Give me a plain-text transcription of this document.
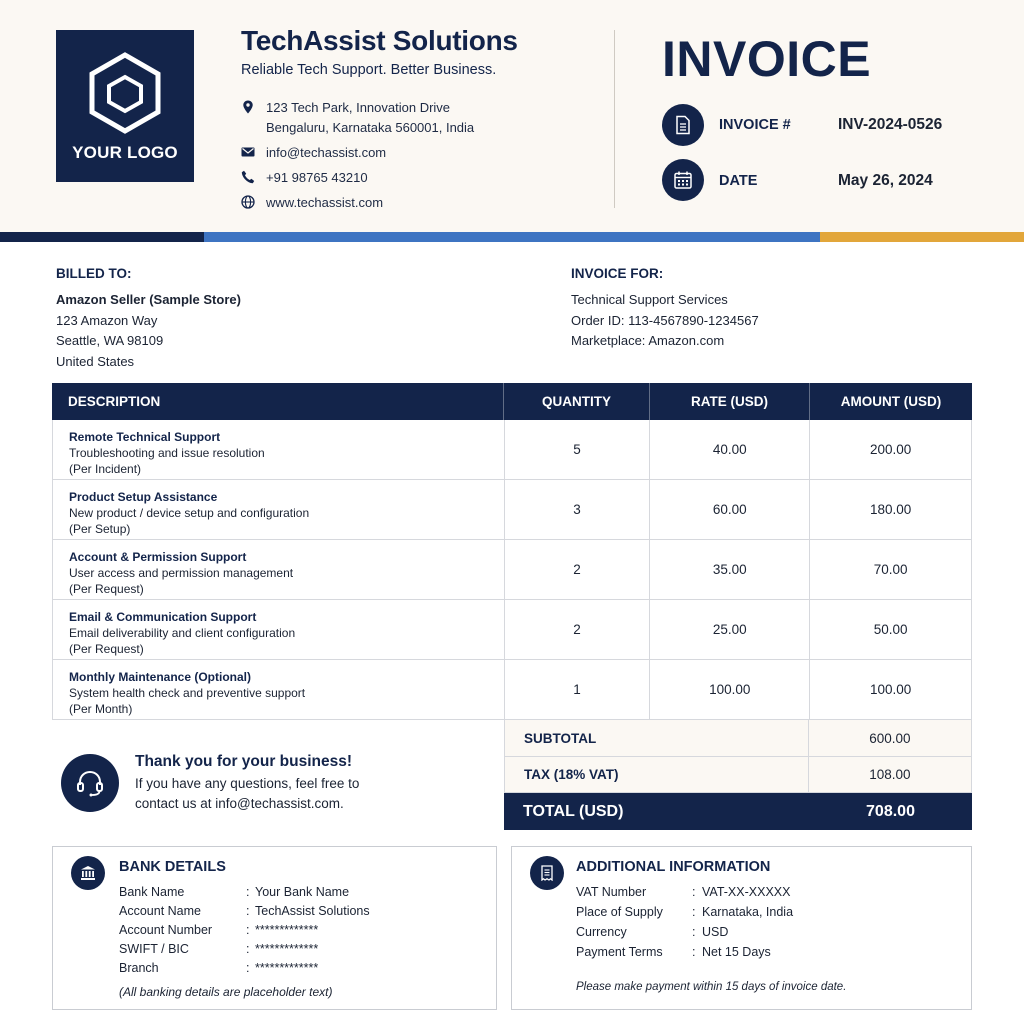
YOUR LOGO
TechAssist Solutions
Reliable Tech Support. Better Business.
123 Tech Park, Innovation Drive
Bengaluru, Karnataka 560001, India
info@techassist.com
+91 98765 43210
www.techassist.com
INVOICE
INVOICE #	INV-2024-0526
DATE	May 26, 2024
BILLED TO:
Amazon Seller (Sample Store)
123 Amazon Way
Seattle, WA 98109
United States
INVOICE FOR:
Technical Support Services
Order ID: 113-4567890-1234567
Marketplace: Amazon.com
DESCRIPTION	QUANTITY	RATE (USD)	AMOUNT (USD)
Remote Technical Support
Troubleshooting and issue resolution
(Per Incident)
5	40.00	200.00
Product Setup Assistance
New product / device setup and configuration
(Per Setup)
3	60.00	180.00
Account & Permission Support
User access and permission management
(Per Request)
2	35.00	70.00
Email & Communication Support
Email deliverability and client configuration
(Per Request)
2	25.00	50.00
Monthly Maintenance (Optional)
System health check and preventive support
(Per Month)
1	100.00	100.00
SUBTOTAL	600.00
TAX (18% VAT)	108.00
TOTAL (USD)	708.00
Thank you for your business!
If you have any questions, feel free to contact us at info@techassist.com.
BANK DETAILS
Bank Name	: Your Bank Name
Account Name	: TechAssist Solutions
Account Number	: *************
SWIFT / BIC	: *************
Branch	: *************
(All banking details are placeholder text)
ADDITIONAL INFORMATION
VAT Number	: VAT-XX-XXXXX
Place of Supply	: Karnataka, India
Currency	: USD
Payment Terms	: Net 15 Days
Please make payment within 15 days of invoice date.
